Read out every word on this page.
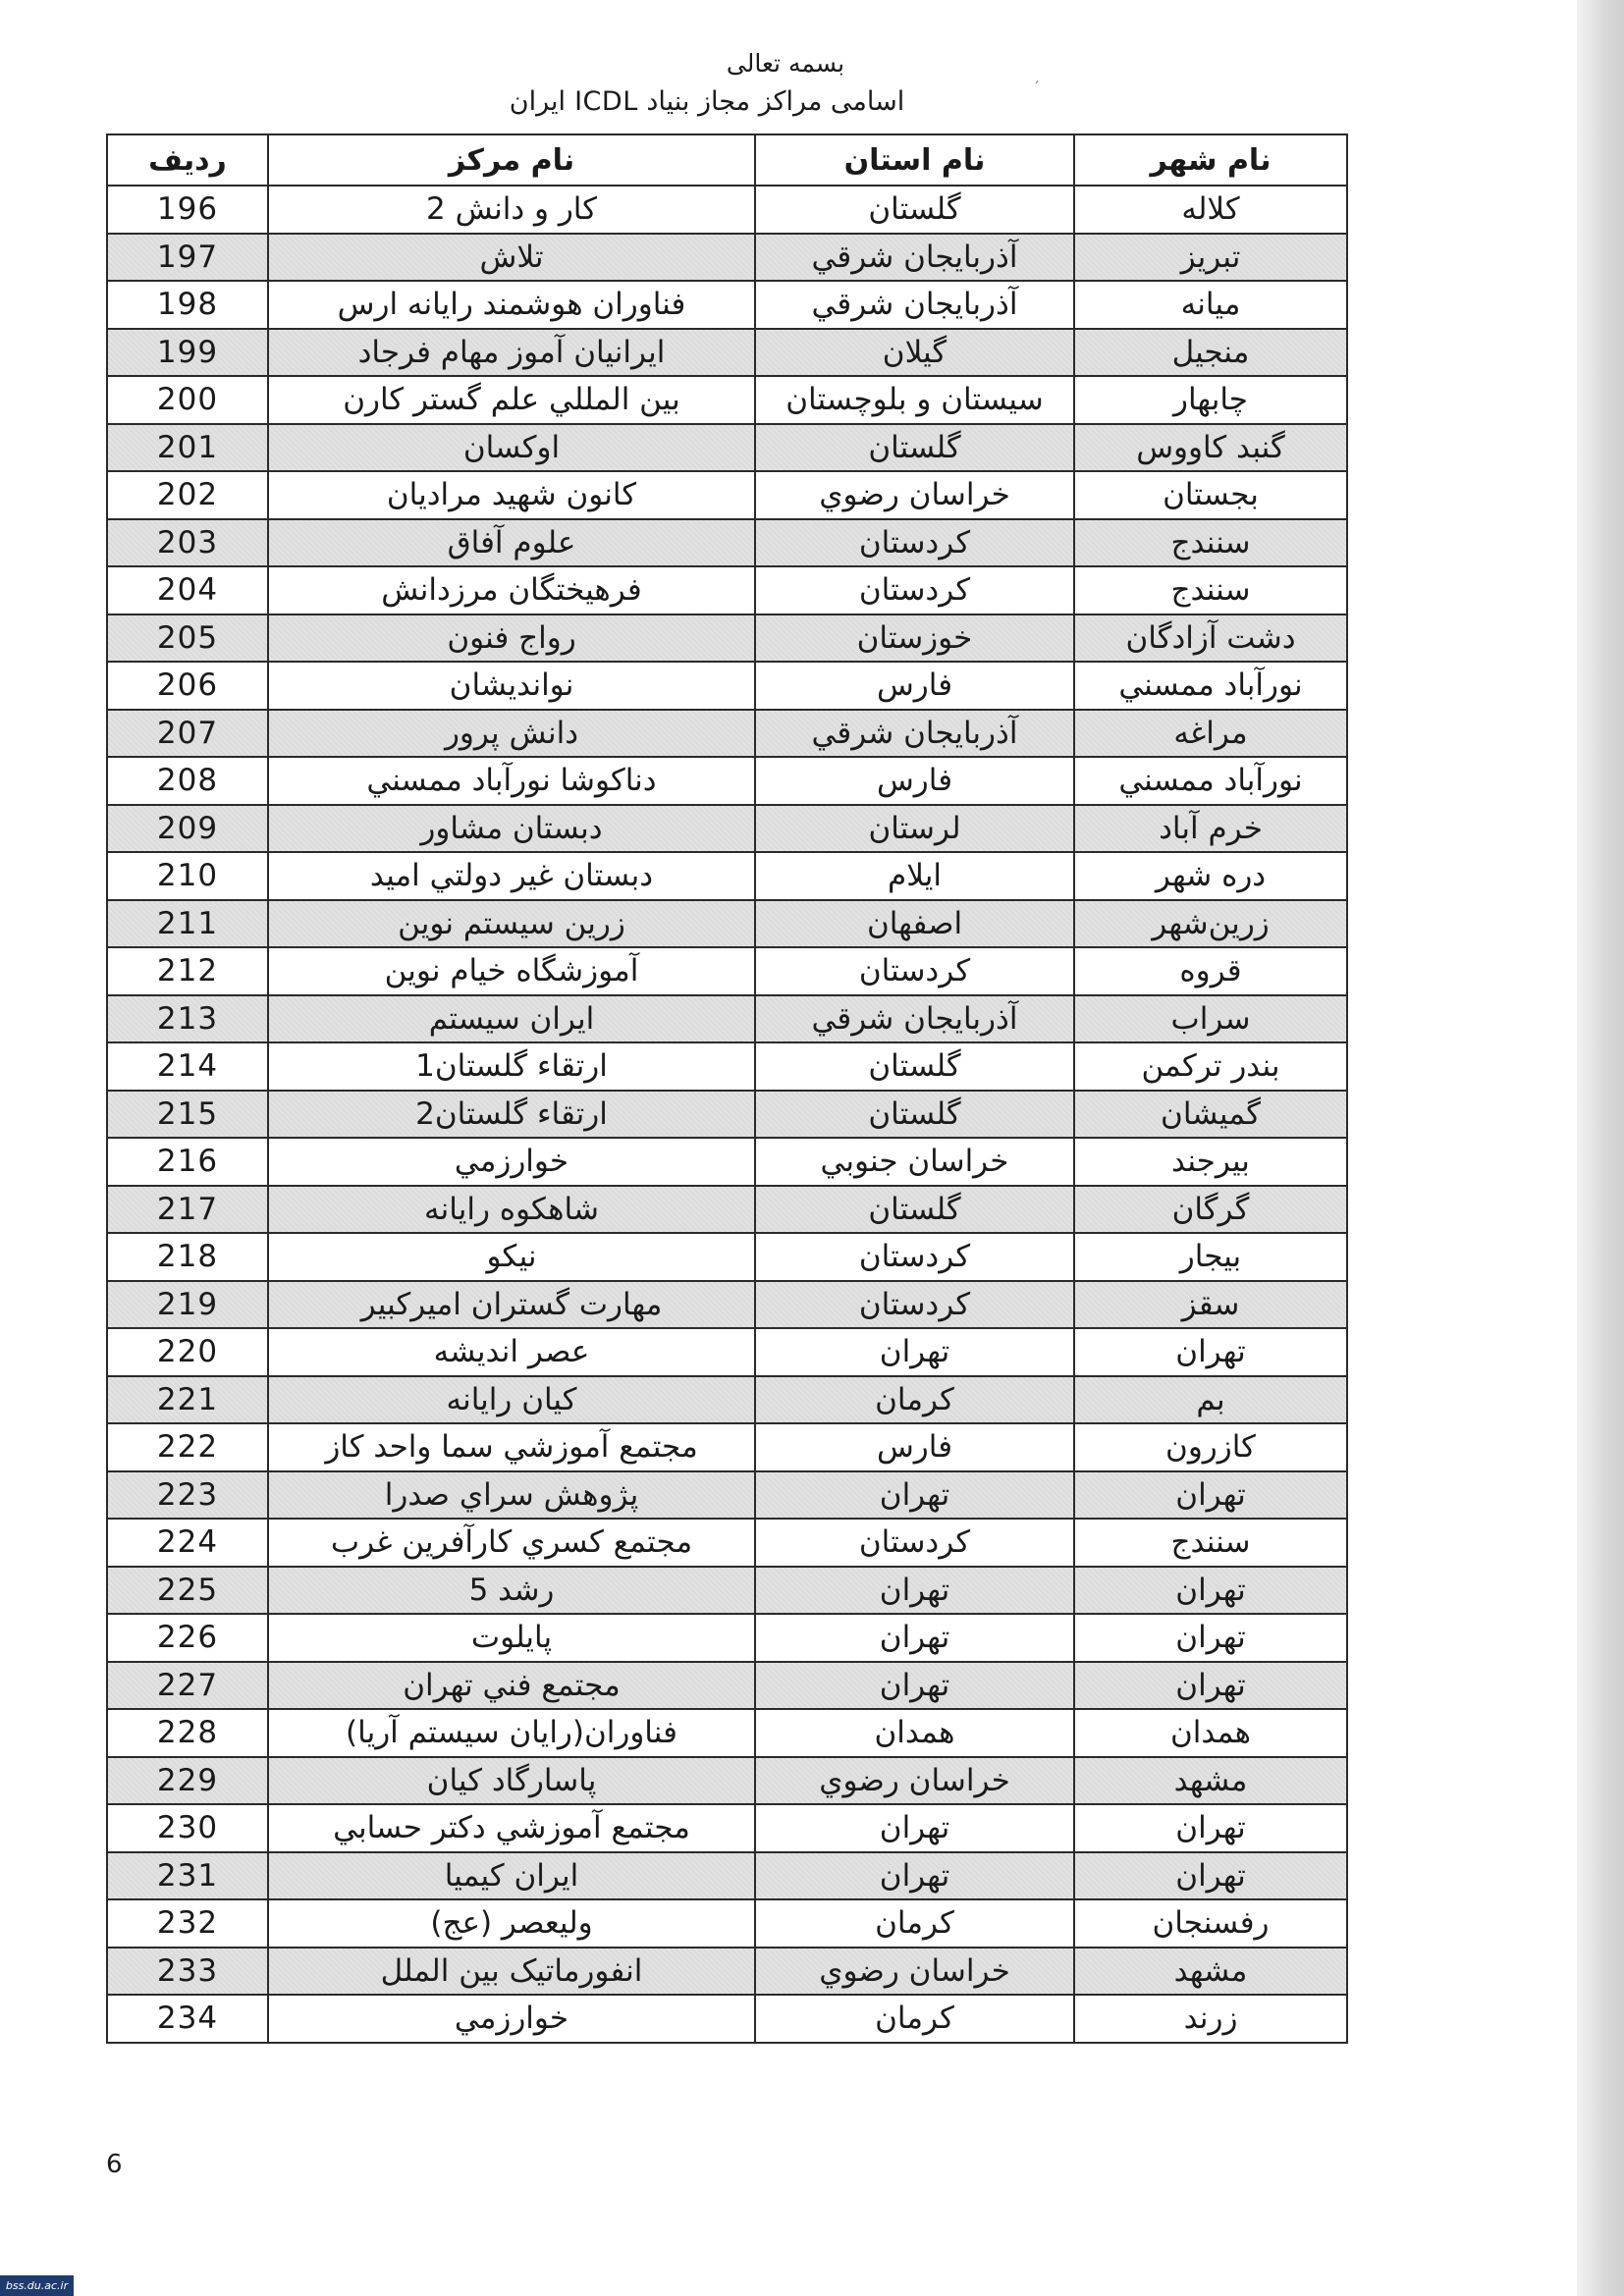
بسمه تعالی
´
اسامی مراکز مجاز بنیاد ICDL ایران
نام شهر	نام استان	نام مرکز	ردیف
کلاله	گلستان	کار و دانش 2	196
تبریز	آذربایجان شرقي	تلاش	197
میانه	آذربایجان شرقي	فناوران هوشمند رایانه ارس	198
منجیل	گیلان	ایرانیان آموز مهام فرجاد	199
چابهار	سیستان و بلوچستان	بین المللي علم گستر کارن	200
گنبد کاووس	گلستان	اوکسان	201
بجستان	خراسان رضوي	کانون شهید مرادیان	202
سنندج	کردستان	علوم آفاق	203
سنندج	کردستان	فرهیختگان مرزدانش	204
دشت آزادگان	خوزستان	رواج فنون	205
نورآباد ممسني	فارس	نواندیشان	206
مراغه	آذربایجان شرقي	دانش پرور	207
نورآباد ممسني	فارس	دناکوشا نورآباد ممسني	208
خرم آباد	لرستان	دبستان مشاور	209
دره شهر	ایلام	دبستان غیر دولتي امید	210
زرین‌شهر	اصفهان	زرین سیستم نوین	211
قروه	کردستان	آموزشگاه خیام نوین	212
سراب	آذربایجان شرقي	ایران سیستم	213
بندر ترکمن	گلستان	ارتقاء گلستان1	214
گمیشان	گلستان	ارتقاء گلستان2	215
بیرجند	خراسان جنوبي	خوارزمي	216
گرگان	گلستان	شاهکوه رایانه	217
بیجار	کردستان	نیکو	218
سقز	کردستان	مهارت گستران امیرکبیر	219
تهران	تهران	عصر اندیشه	220
بم	کرمان	کیان رایانه	221
کازرون	فارس	مجتمع آموزشي سما واحد کاز	222
تهران	تهران	پژوهش سراي صدرا	223
سنندج	کردستان	مجتمع کسري کارآفرین غرب	224
تهران	تهران	رشد 5	225
تهران	تهران	پایلوت	226
تهران	تهران	مجتمع فني تهران	227
همدان	همدان	فناوران(رایان سیستم آریا)	228
مشهد	خراسان رضوي	پاسارگاد کیان	229
تهران	تهران	مجتمع آموزشي دکتر حسابي	230
تهران	تهران	ایران کیمیا	231
رفسنجان	کرمان	ولیعصر (عج)	232
مشهد	خراسان رضوي	انفورماتیک بین الملل	233
زرند	کرمان	خوارزمي	234
6
bss.du.ac.ir
